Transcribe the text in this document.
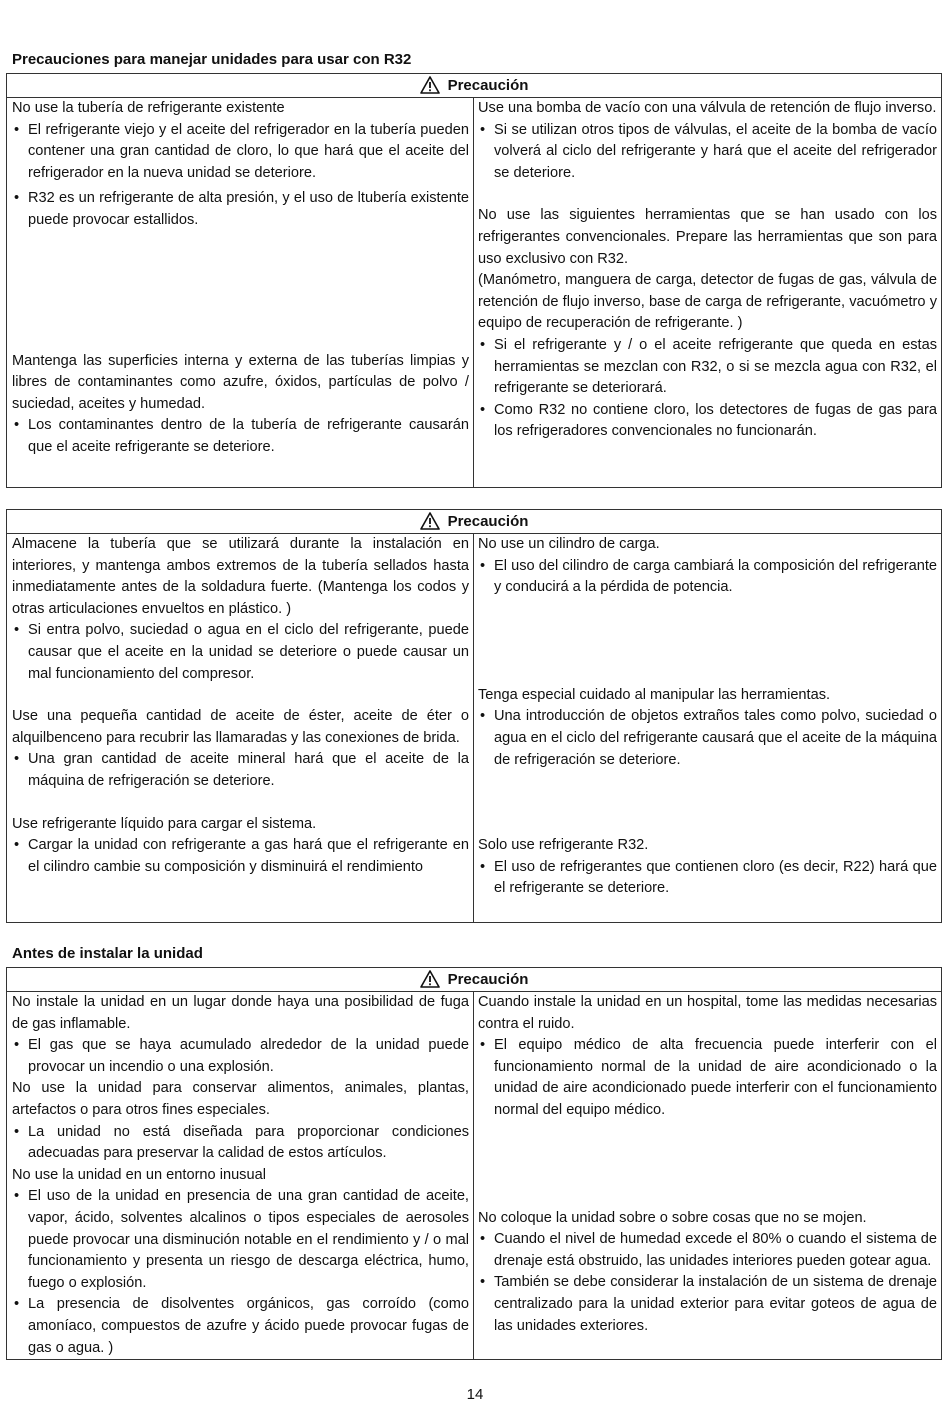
Precauciones para manejar unidades para usar con R32
Precaución

No use la tubería de refrigerante existente

• El refrigerante viejo y el aceite del refrigerador en la tubería pueden contener una gran cantidad de cloro, lo que hará que el aceite del refrigerador en la nueva unidad se deteriore.
• R32 es un refrigerante de alta presión, y el uso de ltubería existente puede provocar estallidos.

Mantenga las superficies interna y externa de las tuberías limpias y libres de contaminantes como azufre, óxidos, partículas de polvo / suciedad, aceites y humedad.

• Los contaminantes dentro de la tubería de refrigerante causarán que el aceite refrigerante se deteriore.

Use una bomba de vacío con una válvula de retención de flujo inverso.

• Si se utilizan otros tipos de válvulas, el aceite de la bomba de vacío volverá al ciclo del refrigerante y hará que el aceite del refrigerador se deteriore.

No use las siguientes herramientas que se han usado con los refrigerantes convencionales. Prepare las herramientas que son para uso exclusivo con R32.

(Manómetro, manguera de carga, detector de fugas de gas, válvula de retención de flujo inverso, base de carga de refrigerante, vacuómetro y equipo de recuperación de refrigerante. )

• Si el refrigerante y / o el aceite refrigerante que queda en estas herramientas se mezclan con R32, o si se mezcla agua con R32, el refrigerante se deteriorará.
• Como R32 no contiene cloro, los detectores de fugas de gas para los refrigeradores convencionales no funcionarán.
Precaución

Almacene la tubería que se utilizará durante la instalación en interiores, y mantenga ambos extremos de la tubería sellados hasta inmediatamente antes de la soldadura fuerte. (Mantenga los codos y otras articulaciones envueltos en plástico. )

• Si entra polvo, suciedad o agua en el ciclo del refrigerante, puede causar que el aceite en la unidad se deteriore o puede causar un mal funcionamiento del compresor.

Use una pequeña cantidad de aceite de éster, aceite de éter o alquilbenceno para recubrir las llamaradas y las conexiones de brida.

• Una gran cantidad de aceite mineral hará que el aceite de la máquina de refrigeración se deteriore.

Use refrigerante líquido para cargar el sistema.

• Cargar la unidad con refrigerante a gas hará que el refrigerante en el cilindro cambie su composición y disminuirá el rendimiento

No use un cilindro de carga.

• El uso del cilindro de carga cambiará la composición del refrigerante y conducirá a la pérdida de potencia.

Tenga especial cuidado al manipular las herramientas.

• Una introducción de objetos extraños tales como polvo, suciedad o agua en el ciclo del refrigerante causará que el aceite de la máquina de refrigeración se deteriore.

Solo use refrigerante R32.

• El uso de refrigerantes que contienen cloro (es decir, R22) hará que el refrigerante se deteriore.
Antes de instalar la unidad
Precaución

No instale la unidad en un lugar donde haya una posibilidad de fuga de gas inflamable.

• El gas que se haya acumulado alrededor de la unidad puede provocar un incendio o una explosión.

No use la unidad para conservar alimentos, animales, plantas, artefactos o para otros fines especiales.

• La unidad no está diseñada para proporcionar condiciones adecuadas para preservar la calidad de estos artículos.

No use la unidad en un entorno inusual

• El uso de la unidad en presencia de una gran cantidad de aceite, vapor, ácido, solventes alcalinos o tipos especiales de aerosoles puede provocar una disminución notable en el rendimiento y / o mal funcionamiento y presenta un riesgo de descarga eléctrica, humo, fuego o explosión.
• La presencia de disolventes orgánicos, gas corroído (como amoníaco, compuestos de azufre y ácido puede provocar fugas de gas o agua. )

Cuando instale la unidad en un hospital, tome las medidas necesarias contra el ruido.

• El equipo médico de alta frecuencia puede interferir con el funcionamiento normal de la unidad de aire acondicionado o la unidad de aire acondicionado puede interferir con el funcionamiento normal del equipo médico.

No coloque la unidad sobre o sobre cosas que no se mojen.

• Cuando el nivel de humedad excede el 80% o cuando el sistema de drenaje está obstruido, las unidades interiores pueden gotear agua.
• También se debe considerar la instalación de un sistema de drenaje centralizado para la unidad exterior para evitar goteos de agua de las unidades exteriores.
14
